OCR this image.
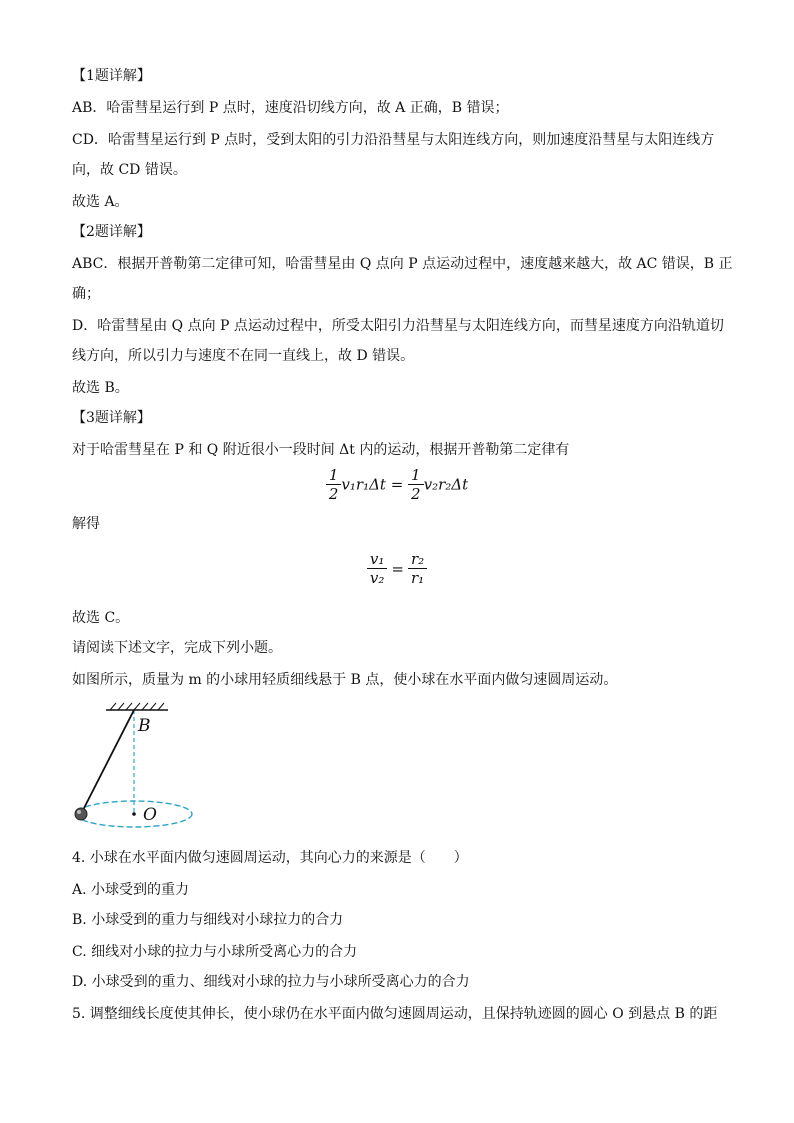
【1题详解】
AB．哈雷彗星运行到 P 点时，速度沿切线方向，故 A 正确，B 错误；
CD．哈雷彗星运行到 P 点时，受到太阳的引力沿沿彗星与太阳连线方向，则加速度沿彗星与太阳连线方
向，故 CD 错误。
故选 A。
【2题详解】
ABC．根据开普勒第二定律可知，哈雷彗星由 Q 点向 P 点运动过程中，速度越来越大，故 AC 错误，B 正
确；
D．哈雷彗星由 Q 点向 P 点运动过程中，所受太阳引力沿彗星与太阳连线方向，而彗星速度方向沿轨道切
线方向，所以引力与速度不在同一直线上，故 D 错误。
故选 B。
【3题详解】
对于哈雷彗星在 P 和 Q 附近很小一段时间 Δt 内的运动，根据开普勒第二定律有
$\frac{1}{2} v_1r_1\Delta t = \frac{1}{2} v_2r_2\Delta t$
解得
$\frac{\text{v₁}}{\text{v₂}} = \frac{\text{r₂}}{\text{r₁}}$
故选 C。
请阅读下述文字，完成下列小题。
如图所示，质量为 m 的小球用轻质细线悬于 B 点，使小球在水平面内做匀速圆周运动。
B
O
4. 小球在水平面内做匀速圆周运动，其向心力的来源是（　　）
A. 小球受到的重力
B. 小球受到的重力与细线对小球拉力的合力
C. 细线对小球的拉力与小球所受离心力的合力
D. 小球受到的重力、细线对小球的拉力与小球所受离心力的合力
5. 调整细线长度使其伸长，使小球仍在水平面内做匀速圆周运动，且保持轨迹圆的圆心 O 到悬点 B 的距
